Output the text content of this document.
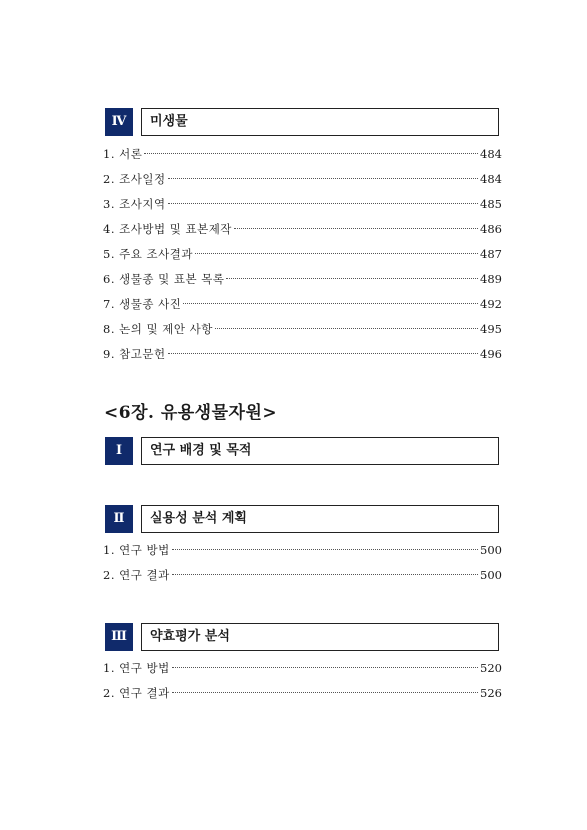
Ⅳ	미생물
1. 서론	484
2. 조사일정	484
3. 조사지역	485
4. 조사방법 및 표본제작	486
5. 주요 조사결과	487
6. 생물종 및 표본 목록	489
7. 생물종 사진	492
8. 논의 및 제안 사항	495
9. 참고문헌	496
<6장. 유용생물자원>
Ⅰ	연구 배경 및 목적
Ⅱ	실용성 분석 계획
1. 연구 방법	500
2. 연구 결과	500
Ⅲ	약효평가 분석
1. 연구 방법	520
2. 연구 결과	526
